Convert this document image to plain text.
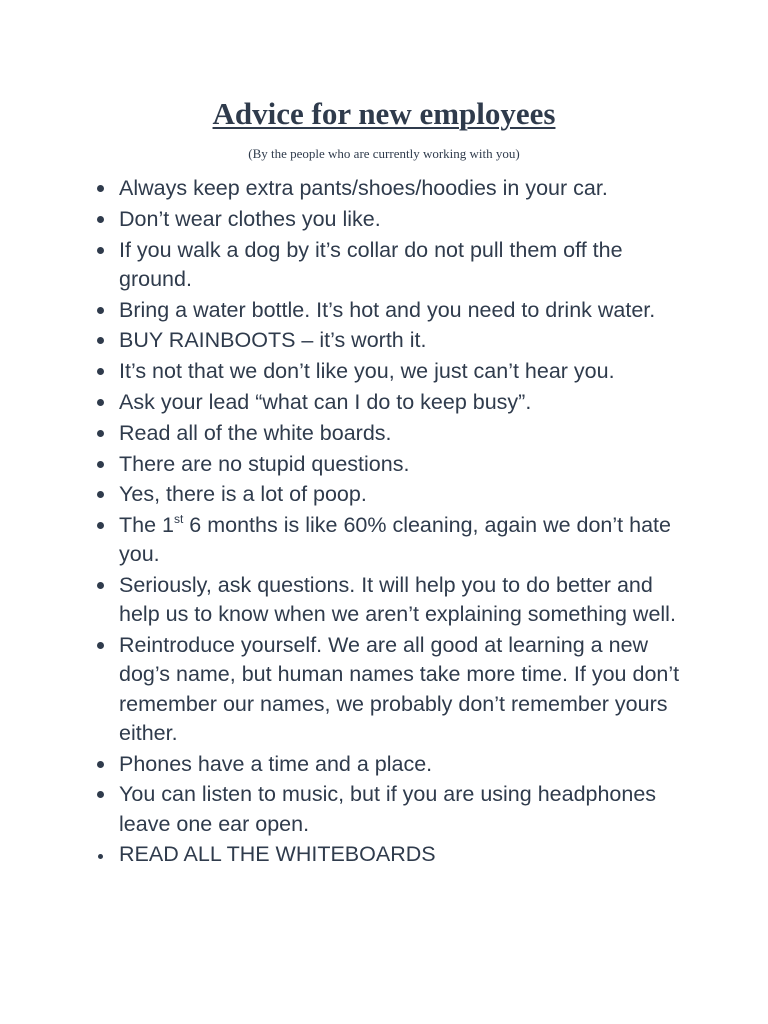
Advice for new employees

(By the people who are currently working with you)

Always keep extra pants/shoes/hoodies in your car.
Don’t wear clothes you like.
If you walk a dog by it’s collar do not pull them off the ground.
Bring a water bottle. It’s hot and you need to drink water.
BUY RAINBOOTS – it’s worth it.
It’s not that we don’t like you, we just can’t hear you.
Ask your lead “what can I do to keep busy”.
Read all of the white boards.
There are no stupid questions.
Yes, there is a lot of poop.
The 1st 6 months is like 60% cleaning, again we don’t hate you.
Seriously, ask questions. It will help you to do better and help us to know when we aren’t explaining something well.
Reintroduce yourself. We are all good at learning a new dog’s name, but human names take more time. If you don’t remember our names, we probably don’t remember yours either.
Phones have a time and a place.
You can listen to music, but if you are using headphones leave one ear open.
READ ALL THE WHITEBOARDS
